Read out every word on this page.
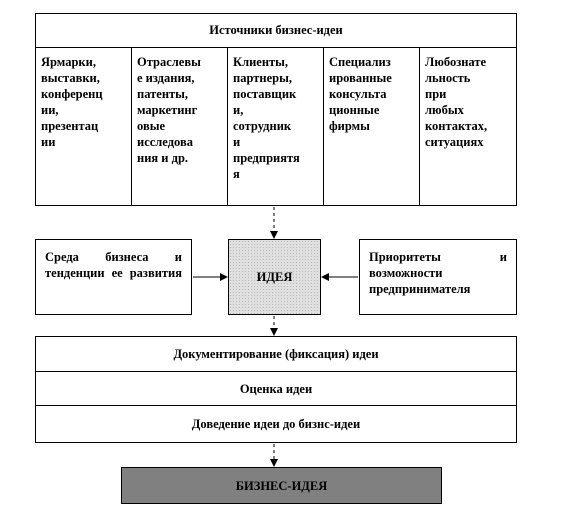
Источники бизнес-идеи
Ярмарки,
выставки,
конференц
ии,
презентац
ии
Отраслевы
е издания,
патенты,
маркетинг
овые
исследова
ния и др.
Клиенты,
партнеры,
поставщик
и,
сотрудник
и
предприятя
я
Специализ
ированные
консульта
ционные
фирмы
Любознате
льность
при
любых
контактах,
ситуациях
Среда бизнеса и тенденции ее развития	ИДЕЯ
Приоритеты и возможности предпринимателя
Документирование (фиксация) идеи
Оценка идеи
Доведение идеи до бизнс-идеи
БИЗНЕС-ИДЕЯ
